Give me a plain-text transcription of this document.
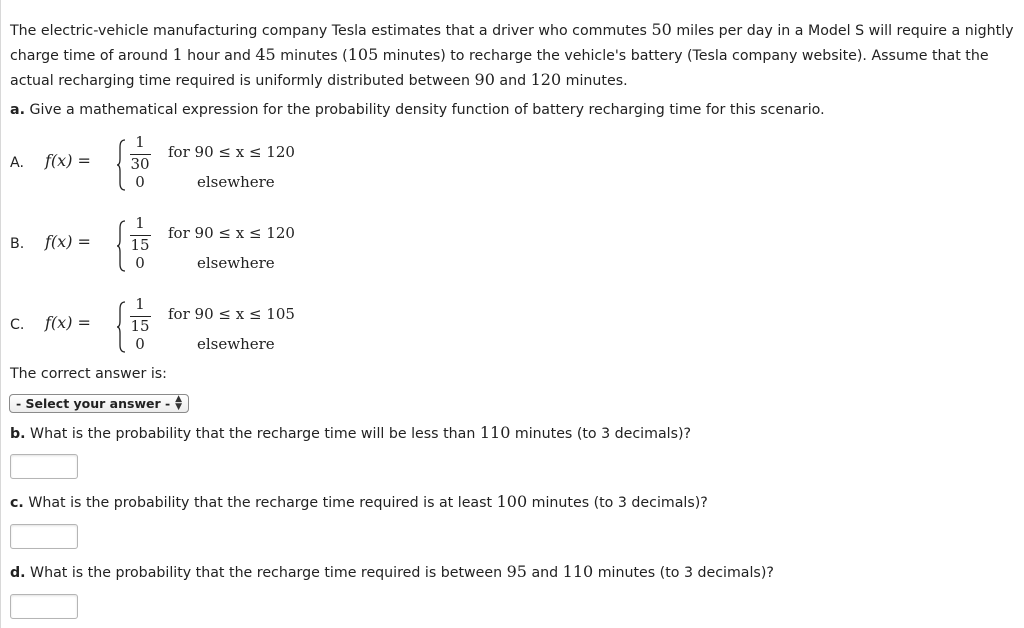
The electric-vehicle manufacturing company Tesla estimates that a driver who commutes 50 miles per day in a Model S will require a nightly charge time of around 1 hour and 45 minutes (105 minutes) to recharge the vehicle's battery (Tesla company website). Assume that the actual recharging time required is uniformly distributed between 90 and 120 minutes.
a. Give a mathematical expression for the probability density function of battery recharging time for this scenario.
A. f(x) =
1
30
for 90 ≤ x ≤ 120
0	elsewhere
B. f(x) =
1
15
for 90 ≤ x ≤ 120
0	elsewhere
C. f(x) =
1
15
for 90 ≤ x ≤ 105
0	elsewhere
The correct answer is:
- Select your answer - ▲
▼
b. What is the probability that the recharge time will be less than 110 minutes (to 3 decimals)?
c. What is the probability that the recharge time required is at least 100 minutes (to 3 decimals)?
d. What is the probability that the recharge time required is between 95 and 110 minutes (to 3 decimals)?
